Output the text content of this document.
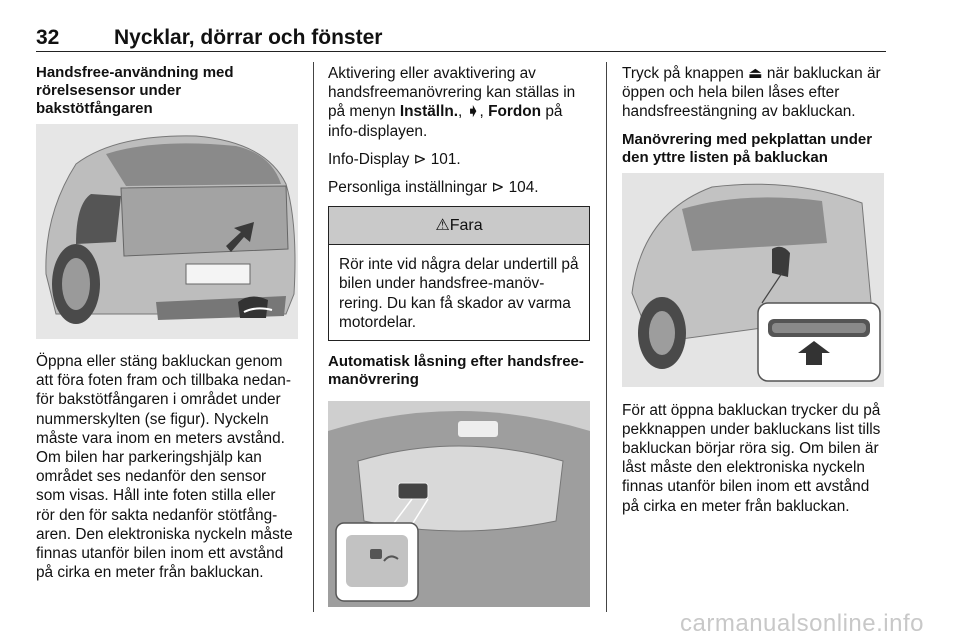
32	Nycklar, dörrar och fönster
Handsfree-användning med rörelsesensor under bakstötfångaren

Öppna eller stäng bakluckan genom att föra foten fram och tillbaka nedan-för bakstötfångaren i området under nummerskylten (se figur). Nyckeln måste vara inom en meters avstånd. Om bilen har parkeringshjälp kan området ses nedanför den sensor som visas. Håll inte foten stilla eller rör den för sakta nedanför stötfång-aren. Den elektroniska nyckeln måste finnas utanför bilen inom ett avstånd på cirka en meter från bakluckan.

Aktivering eller avaktivering av handsfreemanövrering kan ställas in på menyn Inställn., ➧, Fordon på info-displayen.

Info-Display ⊳ 101.

Personliga inställningar ⊳ 104.

⚠Fara
Rör inte vid några delar undertill på bilen under handsfree-manöv-rering. Du kan få skador av varma motordelar.
Automatisk låsning efter handsfree-manövrering

Tryck på knappen ⏏ när bakluckan är öppen och hela bilen låses efter handsfreestängning av bakluckan.

Manövrering med pekplattan under den yttre listen på bakluckan

För att öppna bakluckan trycker du på pekknappen under bakluckans list tills bakluckan börjar röra sig. Om bilen är låst måste den elektroniska nyckeln finnas utanför bilen inom ett avstånd på cirka en meter från bakluckan.

carmanualsonline.info
